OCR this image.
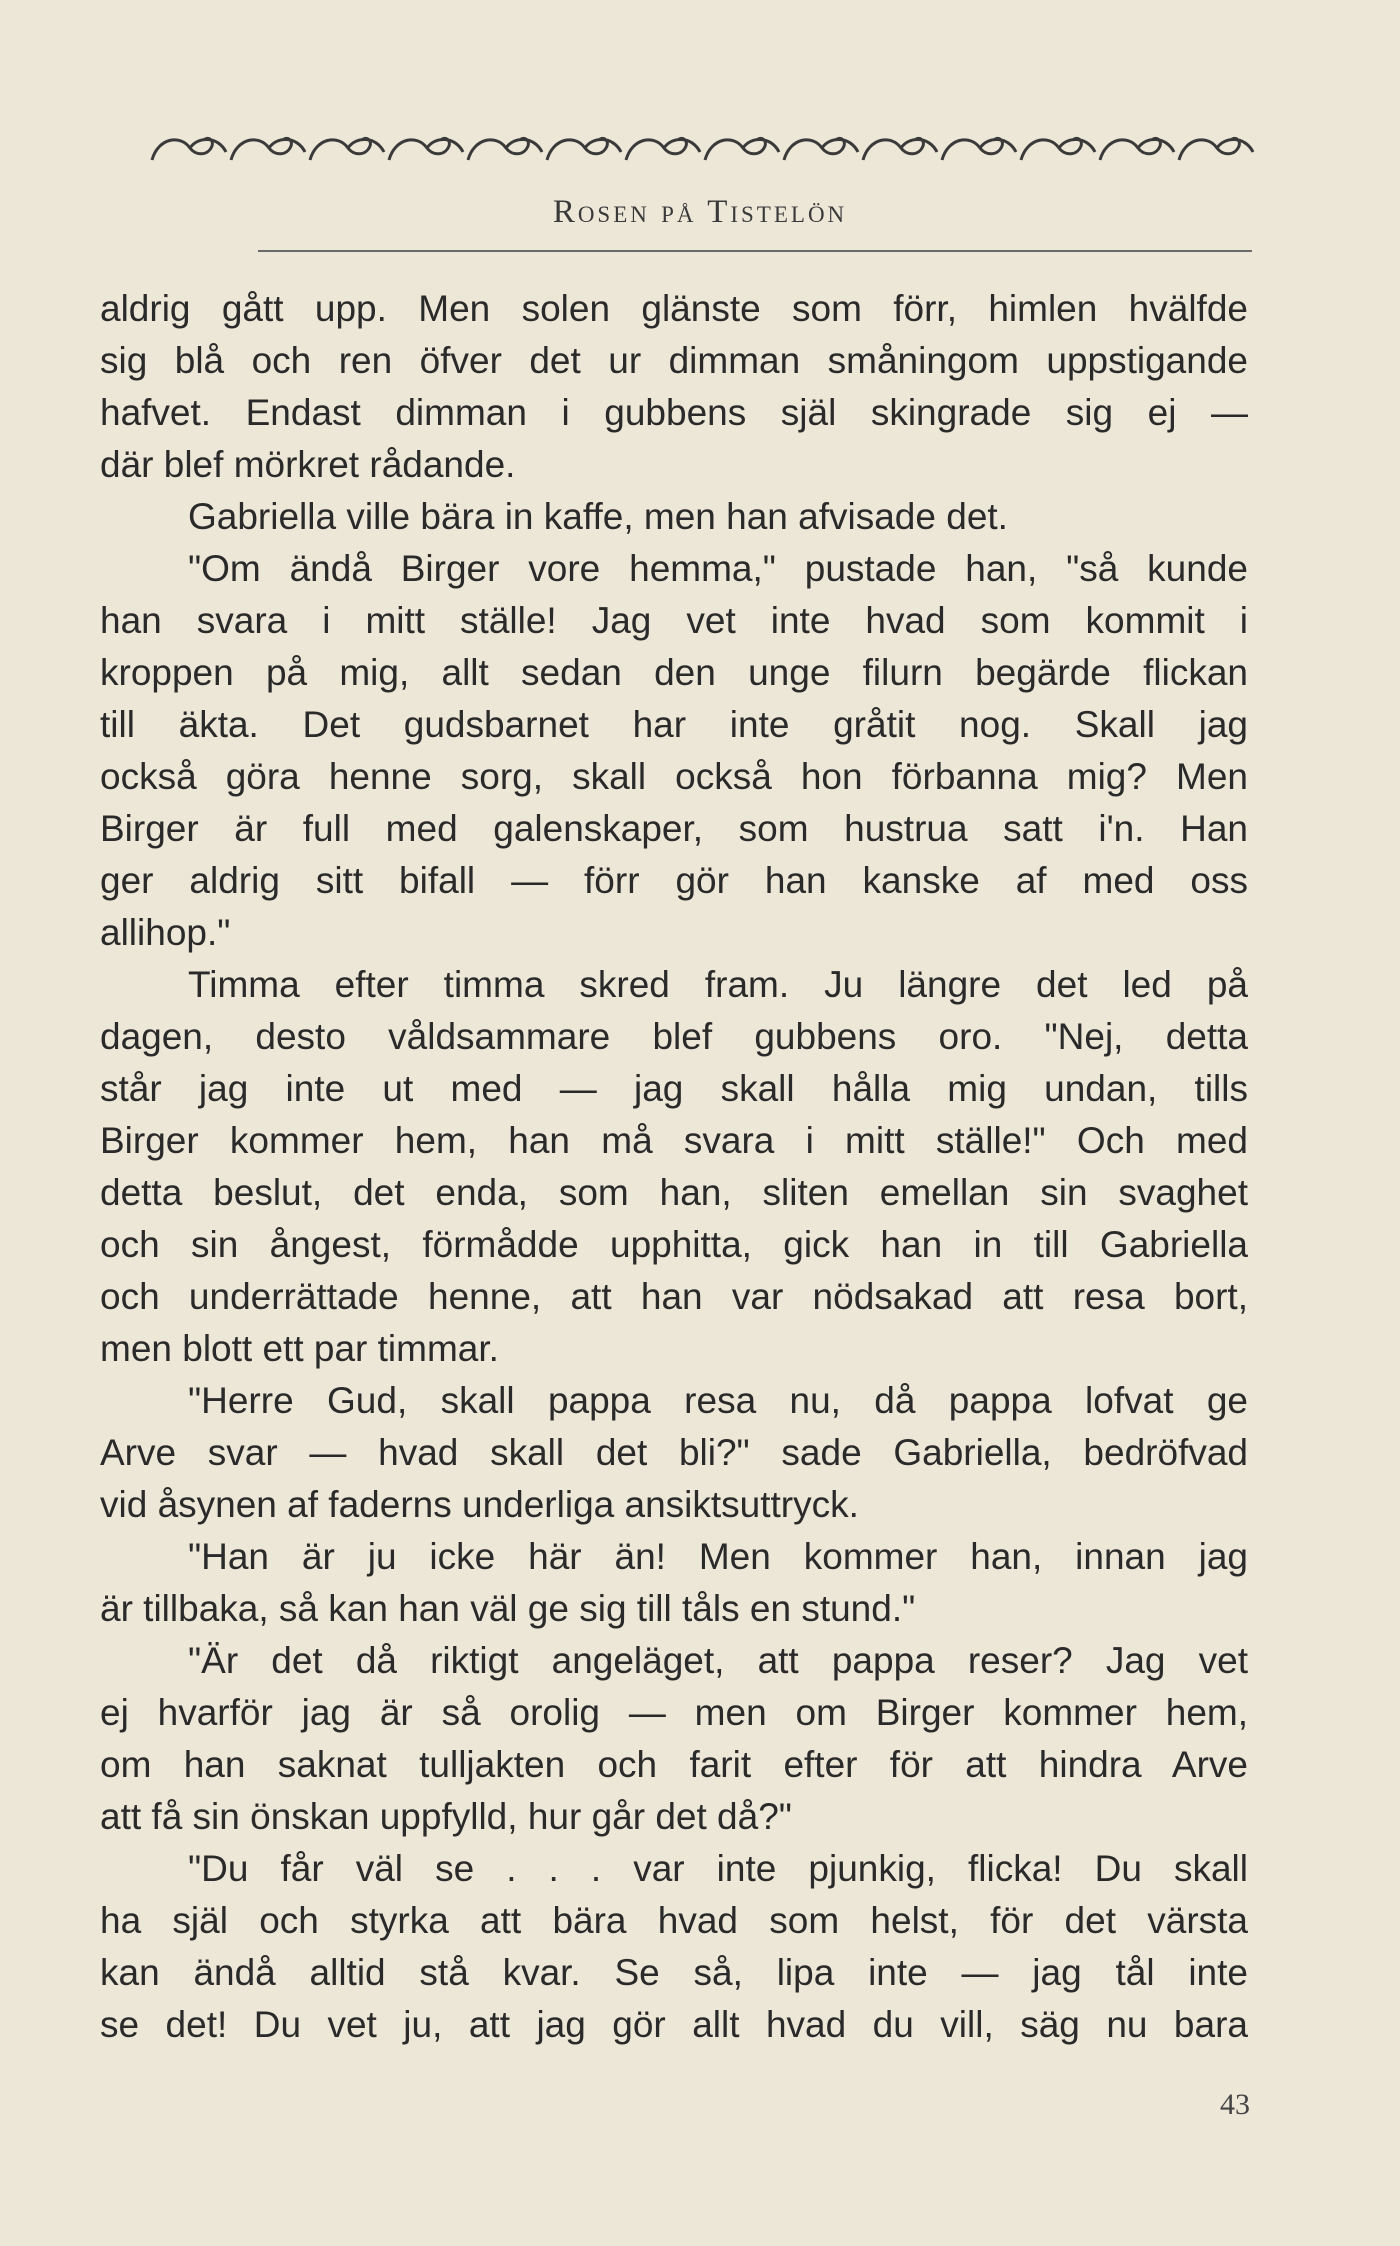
Rosen på Tistelön
aldrig gått upp. Men solen glänste som förr, himlen hvälfde
sig blå och ren öfver det ur dimman småningom uppstigande
hafvet. Endast dimman i gubbens själ skingrade sig ej —
där blef mörkret rådande.
Gabriella ville bära in kaffe, men han afvisade det.
"Om ändå Birger vore hemma," pustade han, "så kunde
han svara i mitt ställe! Jag vet inte hvad som kommit i
kroppen på mig, allt sedan den unge filurn begärde flickan
till äkta. Det gudsbarnet har inte gråtit nog. Skall jag
också göra henne sorg, skall också hon förbanna mig? Men
Birger är full med galenskaper, som hustrua satt i'n. Han
ger aldrig sitt bifall — förr gör han kanske af med oss
allihop."
Timma efter timma skred fram. Ju längre det led på
dagen, desto våldsammare blef gubbens oro. "Nej, detta
står jag inte ut med — jag skall hålla mig undan, tills
Birger kommer hem, han må svara i mitt ställe!" Och med
detta beslut, det enda, som han, sliten emellan sin svaghet
och sin ångest, förmådde upphitta, gick han in till Gabriella
och underrättade henne, att han var nödsakad att resa bort,
men blott ett par timmar.
"Herre Gud, skall pappa resa nu, då pappa lofvat ge
Arve svar — hvad skall det bli?" sade Gabriella, bedröfvad
vid åsynen af faderns underliga ansiktsuttryck.
"Han är ju icke här än! Men kommer han, innan jag
är tillbaka, så kan han väl ge sig till tåls en stund."
"Är det då riktigt angeläget, att pappa reser? Jag vet
ej hvarför jag är så orolig — men om Birger kommer hem,
om han saknat tulljakten och farit efter för att hindra Arve
att få sin önskan uppfylld, hur går det då?"
"Du får väl se . . . var inte pjunkig, flicka! Du skall
ha själ och styrka att bära hvad som helst, för det värsta
kan ändå alltid stå kvar. Se så, lipa inte — jag tål inte
se det! Du vet ju, att jag gör allt hvad du vill, säg nu bara
43
